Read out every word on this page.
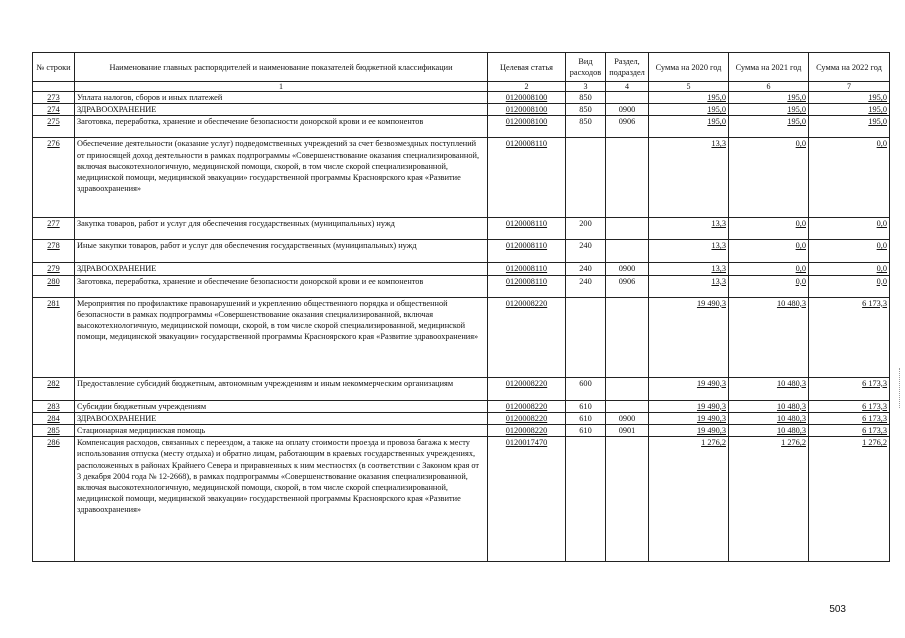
№ строки	Наименование главных распорядителей и наименование показателей бюджетной классификации	Целевая статья	Вид расходов	Раздел, подраздел	Сумма на 2020 год	Сумма на 2021 год	Сумма на 2022 год
	1	2	3	4	5	6	7
273	Уплата налогов, сборов и иных платежей	0120008100	850		195,0	195,0	195,0
274	ЗДРАВООХРАНЕНИЕ	0120008100	850	0900	195,0	195,0	195,0
275	Заготовка, переработка, хранение и обеспечение безопасности донорской крови и ее компонентов	0120008100	850	0906	195,0	195,0	195,0
276	Обеспечение деятельности (оказание услуг) подведомственных учреждений за счет безвозмездных поступлений от приносящей доход деятельности в рамках подпрограммы «Совершенствование оказания специализированной, включая высокотехнологичную, медицинской помощи, скорой, в том числе скорой специализированной, медицинской помощи, медицинской эвакуации» государственной программы Красноярского края «Развитие здравоохранения»	0120008110			13,3	0,0	0,0
277	Закупка товаров, работ и услуг для обеспечения государственных (муниципальных) нужд	0120008110	200		13,3	0,0	0,0
278	Иные закупки товаров, работ и услуг для обеспечения государственных (муниципальных) нужд	0120008110	240		13,3	0,0	0,0
279	ЗДРАВООХРАНЕНИЕ	0120008110	240	0900	13,3	0,0	0,0
280	Заготовка, переработка, хранение и обеспечение безопасности донорской крови и ее компонентов	0120008110	240	0906	13,3	0,0	0,0
281	Мероприятия по профилактике правонарушений и укреплению общественного порядка и общественной безопасности в рамках подпрограммы «Совершенствование оказания специализированной, включая высокотехнологичную, медицинской помощи, скорой, в том числе скорой специализированной, медицинской помощи, медицинской эвакуации» государственной программы Красноярского края «Развитие здравоохранения»	0120008220			19 490,3	10 480,3	6 173,3
282	Предоставление субсидий бюджетным, автономным учреждениям и иным некоммерческим организациям	0120008220	600		19 490,3	10 480,3	6 173,3
283	Субсидии бюджетным учреждениям	0120008220	610		19 490,3	10 480,3	6 173,3
284	ЗДРАВООХРАНЕНИЕ	0120008220	610	0900	19 490,3	10 480,3	6 173,3
285	Стационарная медицинская помощь	0120008220	610	0901	19 490,3	10 480,3	6 173,3
286	Компенсация расходов, связанных с переездом, а также на оплату стоимости проезда и провоза багажа к месту использования отпуска (месту отдыха) и обратно лицам, работающим в краевых государственных учреждениях, расположенных в районах Крайнего Севера и приравненных к ним местностях (в соответствии с Законом края от 3 декабря 2004 года № 12-2668), в рамках подпрограммы «Совершенствование оказания специализированной, включая высокотехнологичную, медицинской помощи, скорой, в том числе скорой специализированной, медицинской помощи, медицинской эвакуации» государственной программы Красноярского края «Развитие здравоохранения»	0120017470			1 276,2	1 276,2	1 276,2
503
